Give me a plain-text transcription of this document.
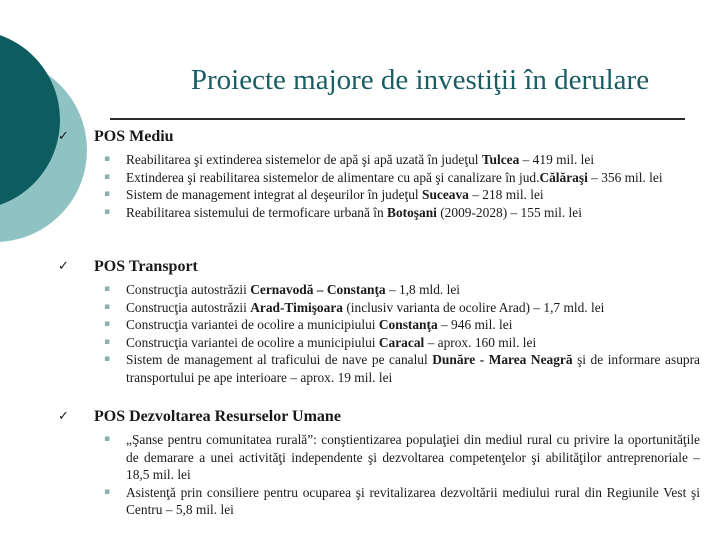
Proiecte majore de investiţii în derulare
✓ POS Mediu
▪ Reabilitarea şi extinderea sistemelor de apă şi apă uzată în judeţul Tulcea – 419 mil. lei
▪ Extinderea şi reabilitarea sistemelor de alimentare cu apă şi canalizare în jud.Călăraşi – 356 mil. lei
▪ Sistem de management integrat al deşeurilor în judeţul Suceava – 218 mil. lei
▪ Reabilitarea sistemului de termoficare urbană în Botoşani (2009-2028) – 155 mil. lei
✓ POS Transport
▪ Construcţia autostrăzii Cernavodă – Constanţa – 1,8 mld. lei
▪ Construcţia autostrăzii Arad-Timişoara (inclusiv varianta de ocolire Arad) – 1,7 mld. lei
▪ Construcţia variantei de ocolire a municipiului Constanţa – 946 mil. lei
▪ Construcţia variantei de ocolire a municipiului Caracal – aprox. 160 mil. lei
▪ Sistem de management al traficului de nave pe canalul Dunăre - Marea Neagră şi de informare asupra transportului pe ape interioare – aprox. 19 mil. lei
✓ POS Dezvoltarea Resurselor Umane
▪ „Şanse pentru comunitatea rurală”: conştientizarea populaţiei din mediul rural cu privire la oportunităţile de demarare a unei activităţi independente şi dezvoltarea competenţelor şi abilităţilor antreprenoriale – 18,5 mil. lei
▪ Asistenţă prin consiliere pentru ocuparea şi revitalizarea dezvoltării mediului rural din Regiunile Vest şi Centru – 5,8 mil. lei
